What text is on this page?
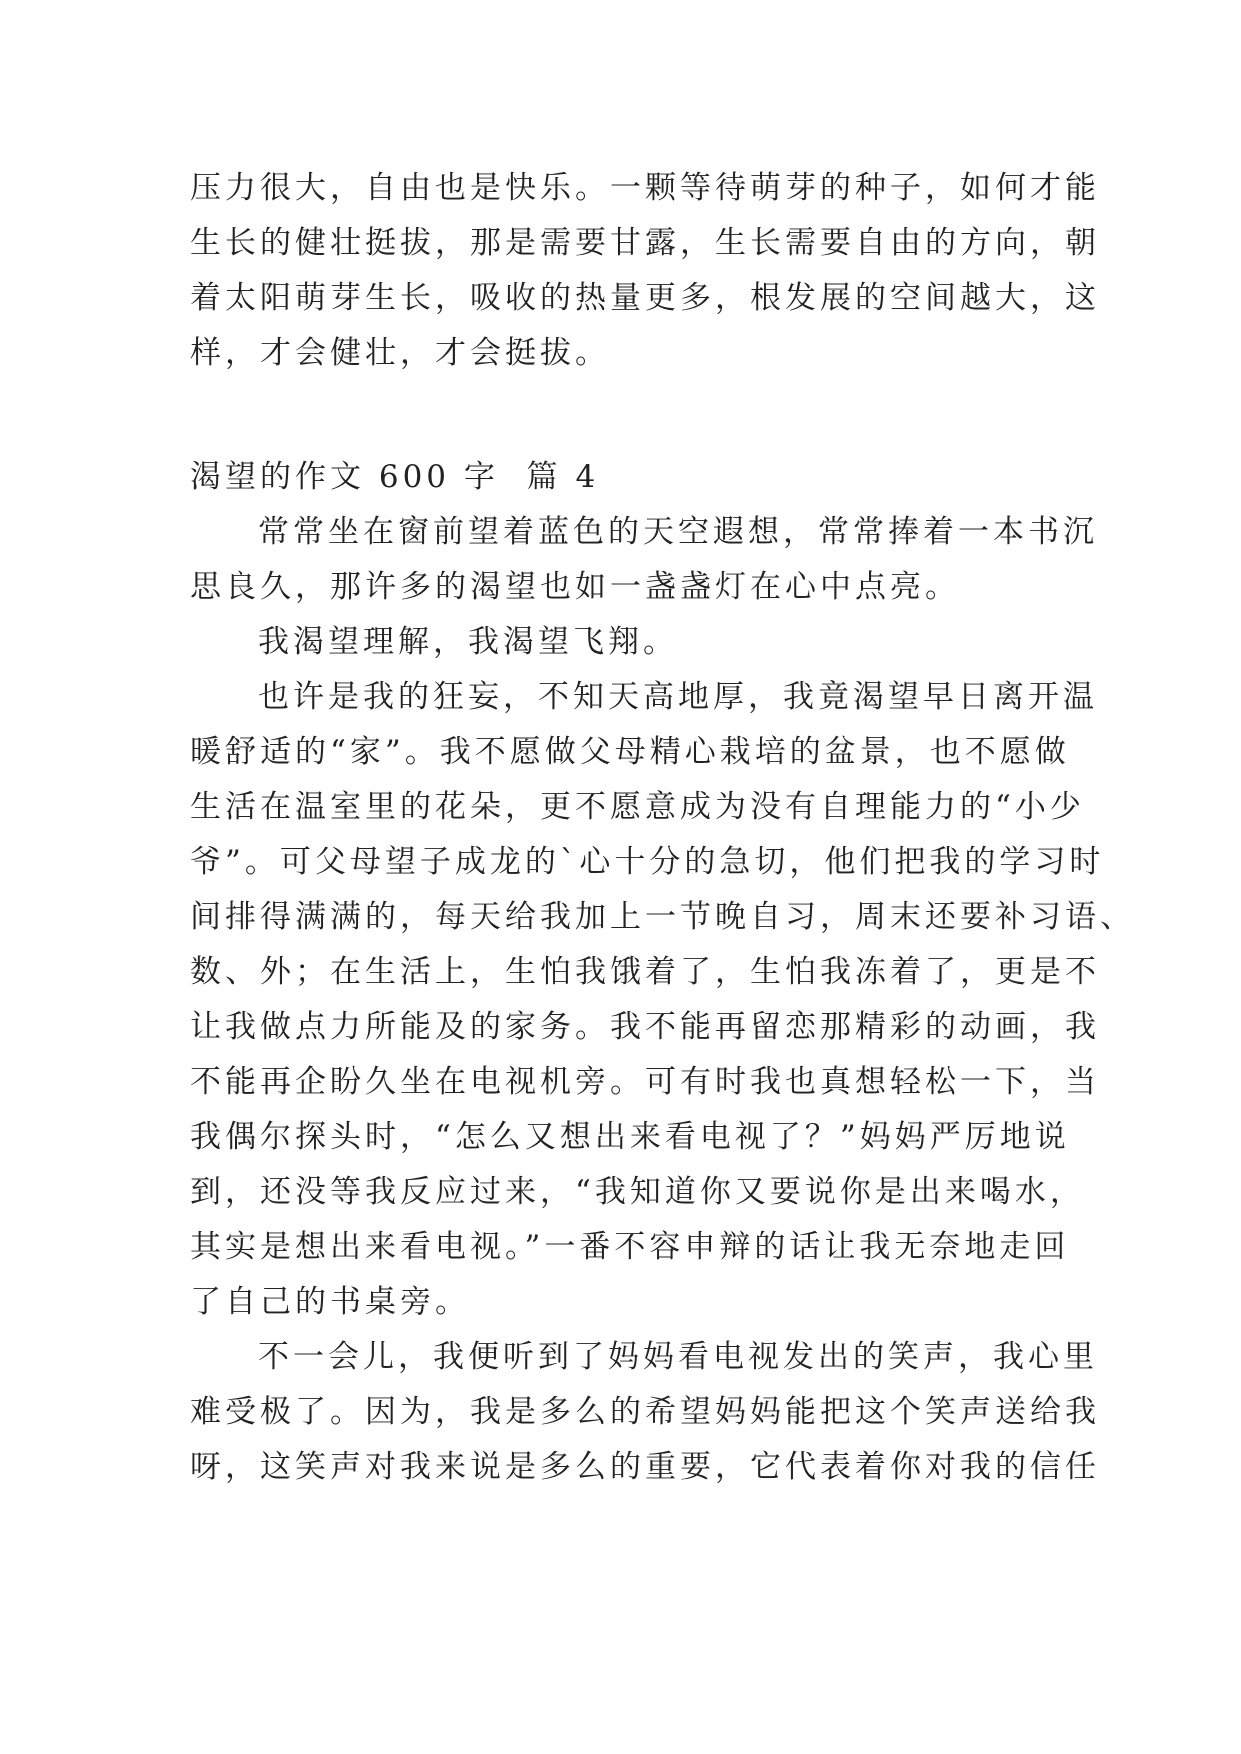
压力很大，自由也是快乐。一颗等待萌芽的种子，如何才能
生长的健壮挺拔，那是需要甘露，生长需要自由的方向，朝
着太阳萌芽生长，吸收的热量更多，根发展的空间越大，这
样，才会健壮，才会挺拔。
渴望的作文 600 字  篇 4
常常坐在窗前望着蓝色的天空遐想，常常捧着一本书沉
思良久，那许多的渴望也如一盏盏灯在心中点亮。
我渴望理解，我渴望飞翔。
也许是我的狂妄，不知天高地厚，我竟渴望早日离开温
暖舒适的“家”。我不愿做父母精心栽培的盆景，也不愿做
生活在温室里的花朵，更不愿意成为没有自理能力的“小少
爷”。可父母望子成龙的`心十分的急切，他们把我的学习时
间排得满满的，每天给我加上一节晚自习，周末还要补习语、
数、外；在生活上，生怕我饿着了，生怕我冻着了，更是不
让我做点力所能及的家务。我不能再留恋那精彩的动画，我
不能再企盼久坐在电视机旁。可有时我也真想轻松一下，当
我偶尔探头时，“怎么又想出来看电视了？”妈妈严厉地说
到，还没等我反应过来，“我知道你又要说你是出来喝水，
其实是想出来看电视。”一番不容申辩的话让我无奈地走回
了自己的书桌旁。
不一会儿，我便听到了妈妈看电视发出的笑声，我心里
难受极了。因为，我是多么的希望妈妈能把这个笑声送给我
呀，这笑声对我来说是多么的重要，它代表着你对我的信任
